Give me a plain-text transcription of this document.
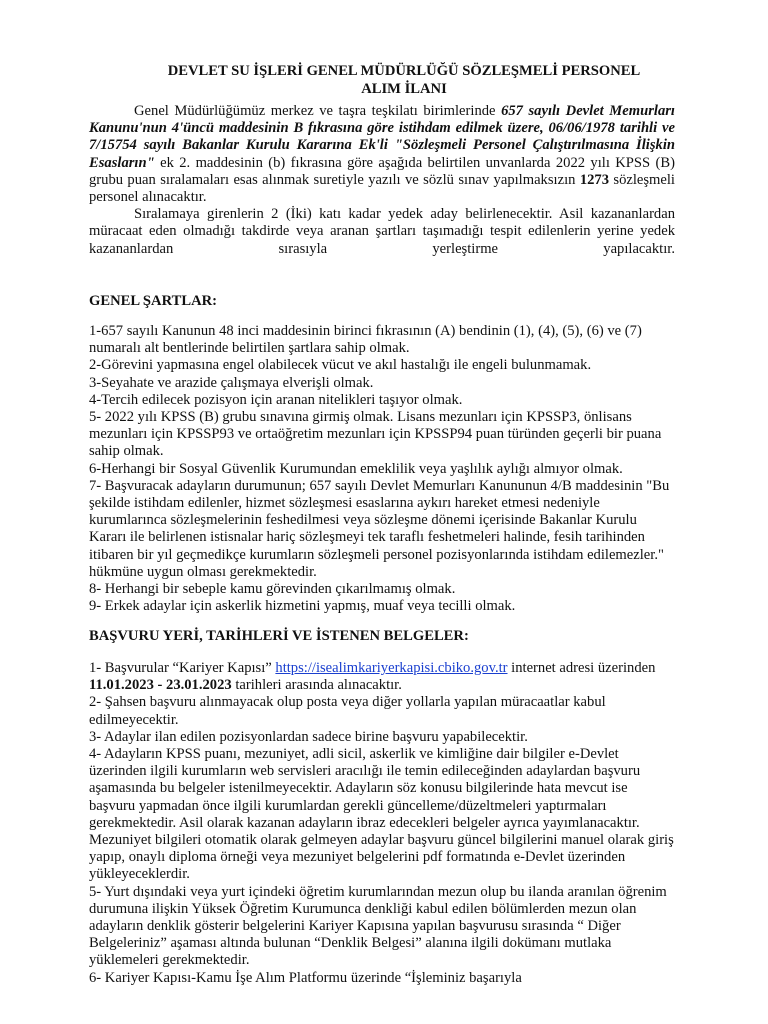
DEVLET SU İŞLERİ GENEL MÜDÜRLÜĞÜ SÖZLEŞMELİ PERSONEL
ALIM İLANI

Genel Müdürlüğümüz merkez ve taşra teşkilatı birimlerinde 657 sayılı Devlet Memurları Kanunu'nun 4'üncü maddesinin B fıkrasına göre istihdam edilmek üzere, 06/06/1978 tarihli ve 7/15754 sayılı Bakanlar Kurulu Kararına Ek'li "Sözleşmeli Personel Çalıştırılmasına İlişkin Esasların" ek 2. maddesinin (b) fıkrasına göre aşağıda belirtilen unvanlarda 2022 yılı KPSS (B) grubu puan sıralamaları esas alınmak suretiyle yazılı ve sözlü sınav yapılmaksızın 1273 sözleşmeli personel alınacaktır.

Sıralamaya girenlerin 2 (İki) katı kadar yedek aday belirlenecektir. Asil kazananlardan müracaat eden olmadığı takdirde veya aranan şartları taşımadığı tespit edilenlerin yerine yedek kazananlardan sırasıyla yerleştirme yapılacaktır.

GENEL ŞARTLAR:

1-657 sayılı Kanunun 48 inci maddesinin birinci fıkrasının (A) bendinin (1), (4), (5), (6) ve (7) numaralı alt bentlerinde belirtilen şartlara sahip olmak.

2-Görevini yapmasına engel olabilecek vücut ve akıl hastalığı ile engeli bulunmamak.

3-Seyahate ve arazide çalışmaya elverişli olmak.

4-Tercih edilecek pozisyon için aranan nitelikleri taşıyor olmak.

5- 2022 yılı KPSS (B) grubu sınavına girmiş olmak. Lisans mezunları için KPSSP3, önlisans mezunları için KPSSP93 ve ortaöğretim mezunları için KPSSP94 puan türünden geçerli bir puana sahip olmak.

6-Herhangi bir Sosyal Güvenlik Kurumundan emeklilik veya yaşlılık aylığı almıyor olmak.

7- Başvuracak adayların durumunun; 657 sayılı Devlet Memurları Kanununun 4/B maddesinin "Bu şekilde istihdam edilenler, hizmet sözleşmesi esaslarına aykırı hareket etmesi nedeniyle kurumlarınca sözleşmelerinin feshedilmesi veya sözleşme dönemi içerisinde Bakanlar Kurulu Kararı ile belirlenen istisnalar hariç sözleşmeyi tek taraflı feshetmeleri halinde, fesih tarihinden itibaren bir yıl geçmedikçe kurumların sözleşmeli personel pozisyonlarında istihdam edilemezler." hükmüne uygun olması gerekmektedir.

8- Herhangi bir sebeple kamu görevinden çıkarılmamış olmak.

9- Erkek adaylar için askerlik hizmetini yapmış, muaf veya tecilli olmak.

BAŞVURU YERİ, TARİHLERİ VE İSTENEN BELGELER:

1- Başvurular “Kariyer Kapısı” https://isealimkariyerkapisi.cbiko.gov.tr internet adresi üzerinden 11.01.2023 - 23.01.2023 tarihleri arasında alınacaktır.

2- Şahsen başvuru alınmayacak olup posta veya diğer yollarla yapılan müracaatlar kabul edilmeyecektir.

3- Adaylar ilan edilen pozisyonlardan sadece birine başvuru yapabilecektir.

4- Adayların KPSS puanı, mezuniyet, adli sicil, askerlik ve kimliğine dair bilgiler e-Devlet üzerinden ilgili kurumların web servisleri aracılığı ile temin edileceğinden adaylardan başvuru aşamasında bu belgeler istenilmeyecektir. Adayların söz konusu bilgilerinde hata mevcut ise başvuru yapmadan önce ilgili kurumlardan gerekli güncelleme/düzeltmeleri yaptırmaları gerekmektedir. Asil olarak kazanan adayların ibraz edecekleri belgeler ayrıca yayımlanacaktır. Mezuniyet bilgileri otomatik olarak gelmeyen adaylar başvuru güncel bilgilerini manuel olarak giriş yapıp, onaylı diploma örneği veya mezuniyet belgelerini pdf formatında e-Devlet üzerinden yükleyeceklerdir.

5- Yurt dışındaki veya yurt içindeki öğretim kurumlarından mezun olup bu ilanda aranılan öğrenim durumuna ilişkin Yüksek Öğretim Kurumunca denkliği kabul edilen bölümlerden mezun olan adayların denklik gösterir belgelerini Kariyer Kapısına yapılan başvurusu sırasında “ Diğer Belgeleriniz” aşaması altında bulunan “Denklik Belgesi” alanına ilgili dokümanı mutlaka yüklemeleri gerekmektedir.

6- Kariyer Kapısı-Kamu İşe Alım Platformu üzerinde “İşleminiz başarıyla
